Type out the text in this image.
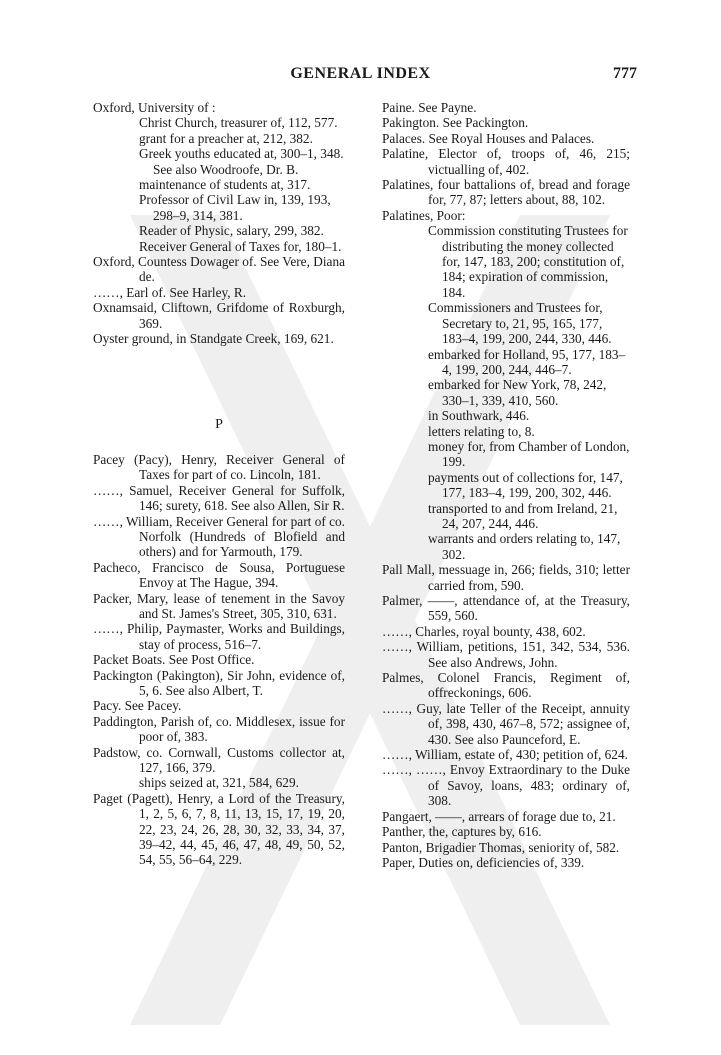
GENERAL INDEX	777
Oxford, University of :
Christ Church, treasurer of, 112, 577.
grant for a preacher at, 212, 382.
Greek youths educated at, 300–1, 348. See also Woodroofe, Dr. B.
maintenance of students at, 317.
Professor of Civil Law in, 139, 193, 298–9, 314, 381.
Reader of Physic, salary, 299, 382.
Receiver General of Taxes for, 180–1.
Oxford, Countess Dowager of. See Vere, Diana de.
……, Earl of. See Harley, R.
Oxnamsaid, Cliftown, Grifdome of Roxburgh, 369.
Oyster ground, in Standgate Creek, 169, 621.
P
Pacey (Pacy), Henry, Receiver General of Taxes for part of co. Lincoln, 181.
……, Samuel, Receiver General for Suffolk, 146; surety, 618. See also Allen, Sir R.
……, William, Receiver General for part of co. Norfolk (Hundreds of Blofield and others) and for Yarmouth, 179.
Pacheco, Francisco de Sousa, Portuguese Envoy at The Hague, 394.
Packer, Mary, lease of tenement in the Savoy and St. James's Street, 305, 310, 631.
……, Philip, Paymaster, Works and Buildings, stay of process, 516–7.
Packet Boats. See Post Office.
Packington (Pakington), Sir John, evidence of, 5, 6. See also Albert, T.
Pacy. See Pacey.
Paddington, Parish of, co. Middlesex, issue for poor of, 383.
Padstow, co. Cornwall, Customs collector at, 127, 166, 379.
ships seized at, 321, 584, 629.
Paget (Pagett), Henry, a Lord of the Treasury, 1, 2, 5, 6, 7, 8, 11, 13, 15, 17, 19, 20, 22, 23, 24, 26, 28, 30, 32, 33, 34, 37, 39–42, 44, 45, 46, 47, 48, 49, 50, 52, 54, 55, 56–64, 229.
Paine. See Payne.
Pakington. See Packington.
Palaces. See Royal Houses and Palaces.
Palatine, Elector of, troops of, 46, 215; victualling of, 402.
Palatines, four battalions of, bread and forage for, 77, 87; letters about, 88, 102.
Palatines, Poor:
Commission constituting Trustees for distributing the money collected for, 147, 183, 200; constitution of, 184; expiration of commission, 184.
Commissioners and Trustees for, Secretary to, 21, 95, 165, 177, 183–4, 199, 200, 244, 330, 446.
embarked for Holland, 95, 177, 183–4, 199, 200, 244, 446–7.
embarked for New York, 78, 242, 330–1, 339, 410, 560.
in Southwark, 446.
letters relating to, 8.
money for, from Chamber of London, 199.
payments out of collections for, 147, 177, 183–4, 199, 200, 302, 446.
transported to and from Ireland, 21, 24, 207, 244, 446.
warrants and orders relating to, 147, 302.
Pall Mall, messuage in, 266; fields, 310; letter carried from, 590.
Palmer, ——, attendance of, at the Treasury, 559, 560.
……, Charles, royal bounty, 438, 602.
……, William, petitions, 151, 342, 534, 536. See also Andrews, John.
Palmes, Colonel Francis, Regiment of, offreckonings, 606.
……, Guy, late Teller of the Receipt, annuity of, 398, 430, 467–8, 572; assignee of, 430. See also Paunceford, E.
……, William, estate of, 430; petition of, 624.
……, ……, Envoy Extraordinary to the Duke of Savoy, loans, 483; ordinary of, 308.
Pangaert, ——, arrears of forage due to, 21.
Panther, the, captures by, 616.
Panton, Brigadier Thomas, seniority of, 582.
Paper, Duties on, deficiencies of, 339.
